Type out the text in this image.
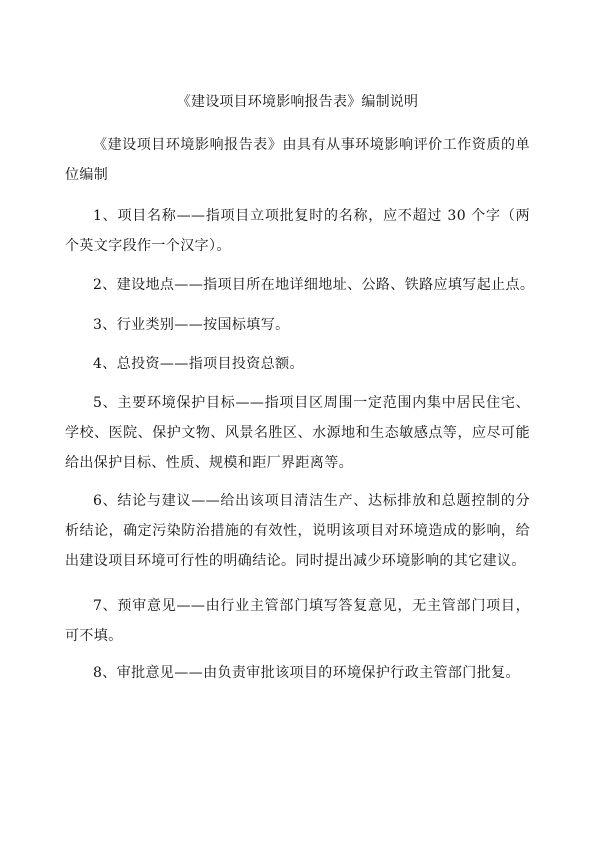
《建设项目环境影响报告表》编制说明
《建设项目环境影响报告表》由具有从事环境影响评价工作资质的单位编制
1、项目名称——指项目立项批复时的名称，应不超过 30 个字（两个英文字段作一个汉字）。
2、建设地点——指项目所在地详细地址、公路、铁路应填写起止点。
3、行业类别——按国标填写。
4、总投资——指项目投资总额。
5、主要环境保护目标——指项目区周围一定范围内集中居民住宅、学校、医院、保护文物、风景名胜区、水源地和生态敏感点等，应尽可能给出保护目标、性质、规模和距厂界距离等。
6、结论与建议——给出该项目清洁生产、达标排放和总题控制的分析结论，确定污染防治措施的有效性，说明该项目对环境造成的影响，给出建设项目环境可行性的明确结论。同时提出减少环境影响的其它建议。
7、预审意见——由行业主管部门填写答复意见，无主管部门项目，可不填。
8、审批意见——由负责审批该项目的环境保护行政主管部门批复。
